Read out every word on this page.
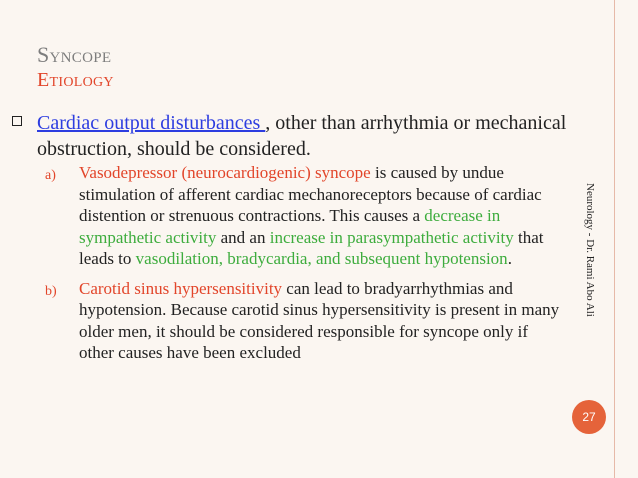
Syncope
Etiology
Cardiac output disturbances , other than arrhythmia or mechanical obstruction, should be considered.
a) Vasodepressor (neurocardiogenic) syncope is caused by undue stimulation of afferent cardiac mechanoreceptors because of cardiac distention or strenuous contractions. This causes a decrease in sympathetic activity and an increase in parasympathetic activity that leads to vasodilation, bradycardia, and subsequent hypotension.
b) Carotid sinus hypersensitivity can lead to bradyarrhythmias and hypotension. Because carotid sinus hypersensitivity is present in many older men, it should be considered responsible for syncope only if other causes have been excluded
Neurology - Dr. Rami Abo Ali
27
